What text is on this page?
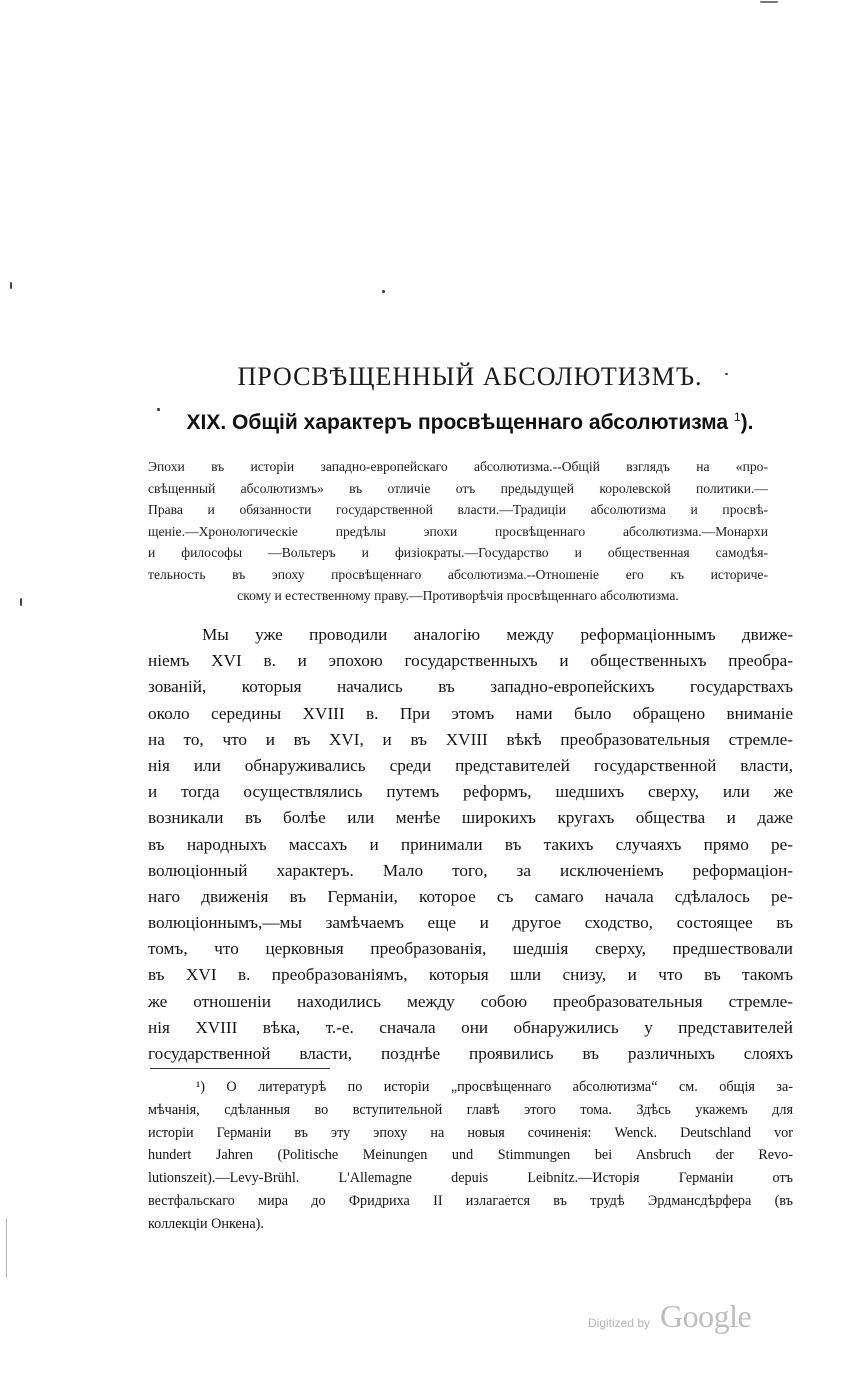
ПРОСВѢЩЕННЫЙ АБСОЛЮТИЗМЪ.
XIX. Общій характеръ просвѣщеннаго абсолютизма $^1$).
Эпохи въ исторіи западно-европейскаго абсолютизма.--Общій взглядъ на «про-
свѣщенный абсолютизмъ» въ отличіе отъ предыдущей королевской политики.—
Права и обязанности государственной власти.—Традиціи абсолютизма и просвѣ-
щеніе.—Хронологическіе предѣлы эпохи просвѣщеннаго абсолютизма.—Монархи
и философы —Вольтеръ и физіократы.—Государство и общественная самодѣя-
тельность въ эпоху просвѣщеннаго абсолютизма.--Отношеніе его къ историче-
скому и естественному праву.—Противорѣчія просвѣщеннаго абсолютизма.
Мы уже проводили аналогію между реформаціоннымъ движе-
ніемъ XVI в. и эпохою государственныхъ и общественныхъ преобра-
зованій, которыя начались въ западно-европейскихъ государствахъ
около середины XVIII в. При этомъ нами было обращено вниманіе
на то, что и въ XVI, и въ XVIII вѣкѣ преобразовательныя стремле-
нія или обнаруживались среди представителей государственной власти,
и тогда осуществлялись путемъ реформъ, шедшихъ сверху, или же
возникали въ болѣе или менѣе широкихъ кругахъ общества и даже
въ народныхъ массахъ и принимали въ такихъ случаяхъ прямо ре-
волюціонный характеръ. Мало того, за исключеніемъ реформаціон-
наго движенія въ Германіи, которое съ самаго начала сдѣлалось ре-
волюціоннымъ,—мы замѣчаемъ еще и другое сходство, состоящее въ
томъ, что церковныя преобразованія, шедшія сверху, предшествовали
въ XVI в. преобразованіямъ, которыя шли снизу, и что въ такомъ
же отношеніи находились между собою преобразовательныя стремле-
нія XVIII вѣка, т.-е. сначала они обнаружились у представителей
государственной власти, позднѣе проявились въ различныхъ слояхъ
¹) О литературѣ по исторіи „просвѣщеннаго абсолютизма“ см. общія за-
мѣчанія, сдѣланныя во вступительной главѣ этого тома. Здѣсь укажемъ для
исторіи Германіи въ эту эпоху на новыя сочиненія: Wenck. Deutschland vor
hundert Jahren (Politische Meinungen und Stimmungen bei Ansbruch der Revo-
lutionszeit).—Levy-Brühl. L'Allemagne depuis Leibnitz.—Исторія Германіи отъ
вестфальскаго мира до Фридриха II излагается въ трудѣ Эрдмансдѣрфера (въ
коллекціи Онкена).
Digitized by Google
